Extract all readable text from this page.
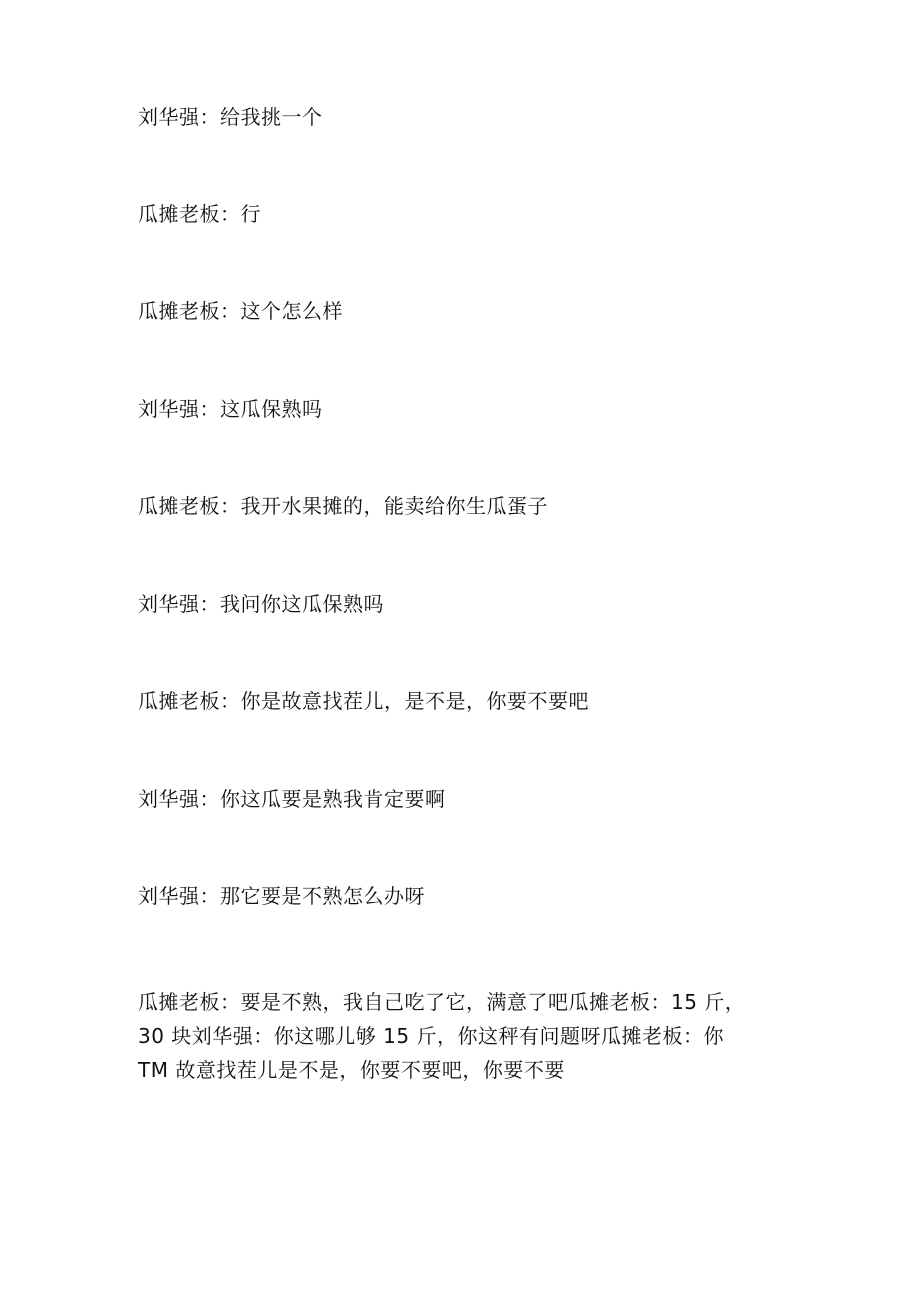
刘华强：给我挑一个
瓜摊老板：行
瓜摊老板：这个怎么样
刘华强：这瓜保熟吗
瓜摊老板：我开水果摊的，能卖给你生瓜蛋子
刘华强：我问你这瓜保熟吗
瓜摊老板：你是故意找茬儿，是不是，你要不要吧
刘华强：你这瓜要是熟我肯定要啊
刘华强：那它要是不熟怎么办呀
瓜摊老板：要是不熟，我自己吃了它，满意了吧瓜摊老板：15 斤，
30 块刘华强：你这哪儿够 15 斤，你这秤有问题呀瓜摊老板：你
TM 故意找茬儿是不是，你要不要吧，你要不要
